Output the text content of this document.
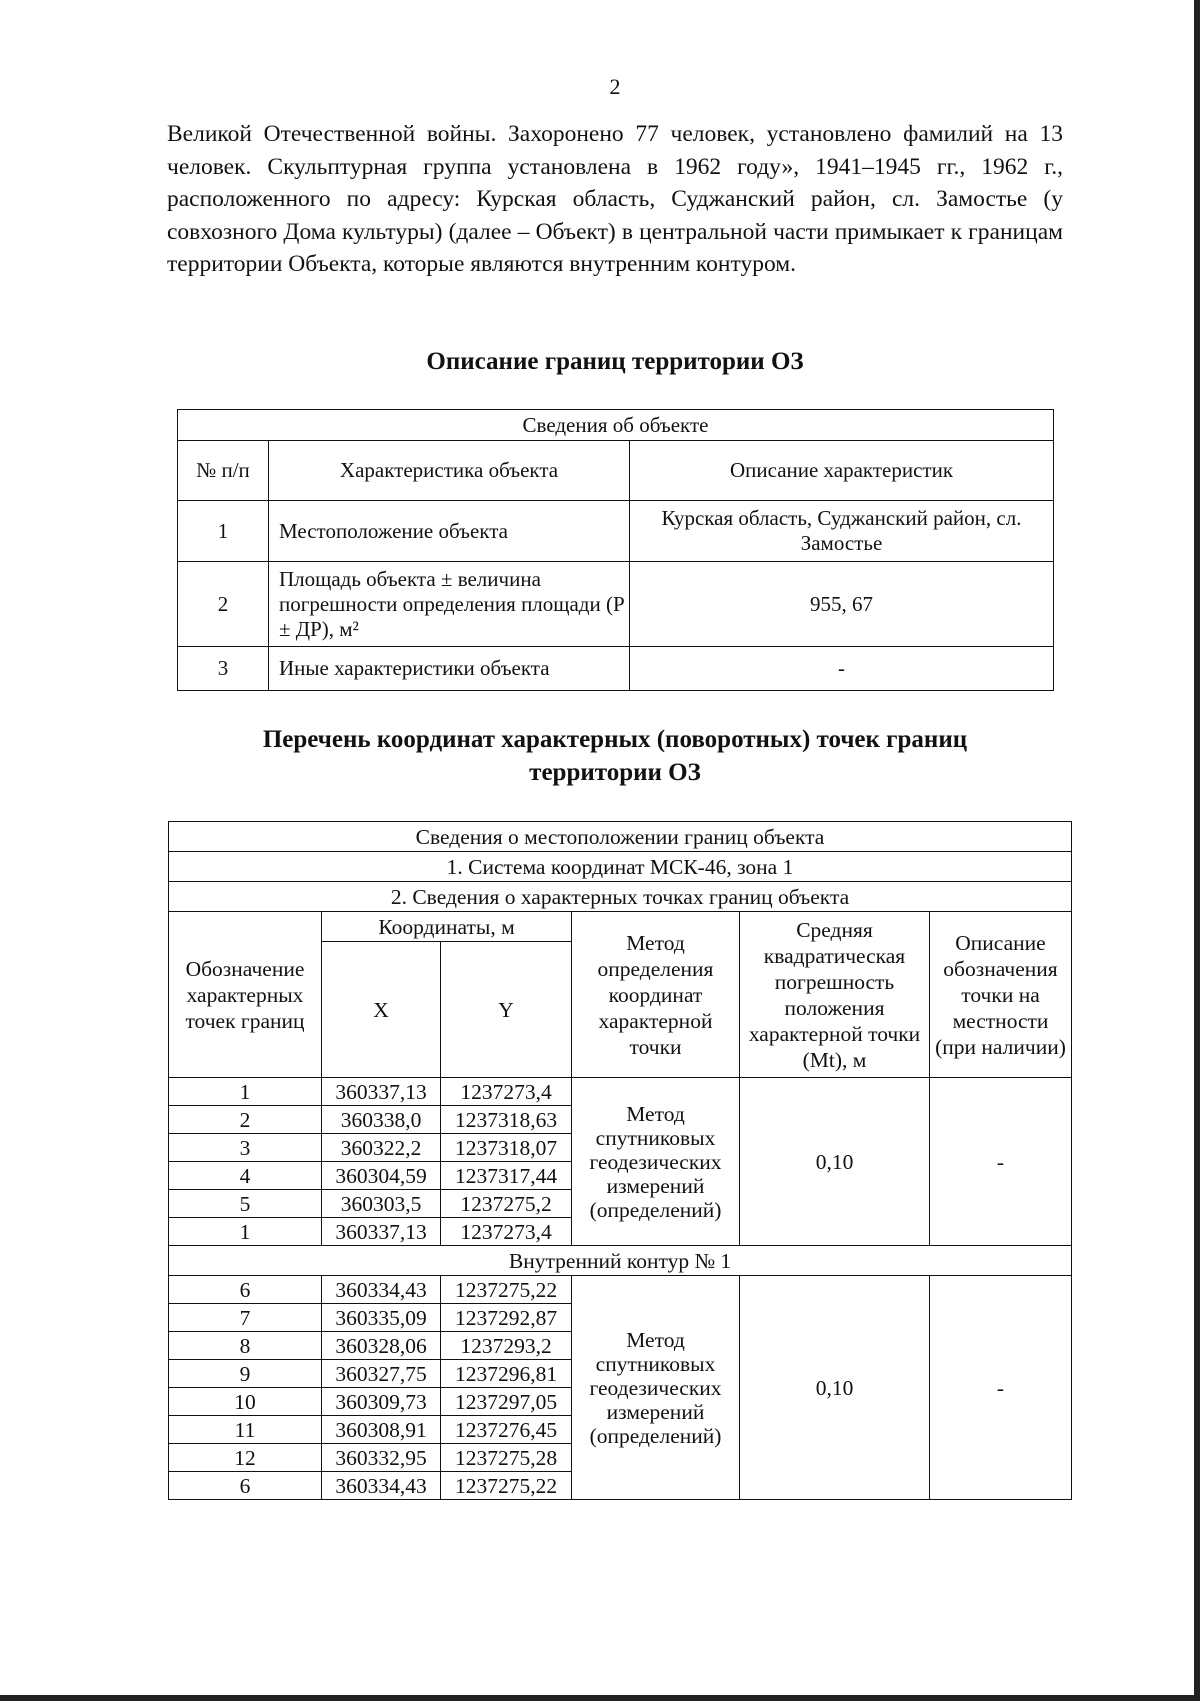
2
Великой Отечественной войны. Захоронено 77 человек, установлено фамилий на 13 человек. Скульптурная группа установлена в 1962 году», 1941–1945 гг., 1962 г., расположенного по адресу: Курская область, Суджанский район, сл. Замостье (у совхозного Дома культуры) (далее – Объект) в центральной части примыкает к границам территории Объекта, которые являются внутренним контуром.
Описание границ территории ОЗ
Сведения об объекте		
№ п/п	Характеристика объекта	Описание характеристик
1	Местоположение объекта	Курская область, Суджанский район, сл. Замостье
2	Площадь объекта ± величина погрешности определения площади (Р ± ДР), м²	955, 67
3	Иные характеристики объекта	-
Перечень координат характерных (поворотных) точек границ
территории ОЗ
Сведения о местоположении границ объекта					
1. Система координат МСК-46, зона 1					
2. Сведения о характерных точках границ объекта					
Обозначение характерных точек границ	Координаты, м		Метод определения координат характерной точки	Средняя квадратическая погрешность положения характерной точки (Mt), м	Описание обозначения точки на местности (при наличии)
	X	Y			
1	360337,13	1237273,4	Метод спутниковых геодезических измерений (определений)	0,10	-
2	360338,0	1237318,63			
3	360322,2	1237318,07			
4	360304,59	1237317,44			
5	360303,5	1237275,2			
1	360337,13	1237273,4			
Внутренний контур № 1					
6	360334,43	1237275,22	Метод спутниковых геодезических измерений (определений)	0,10	-
7	360335,09	1237292,87			
8	360328,06	1237293,2			
9	360327,75	1237296,81			
10	360309,73	1237297,05			
11	360308,91	1237276,45			
12	360332,95	1237275,28			
6	360334,43	1237275,22			
